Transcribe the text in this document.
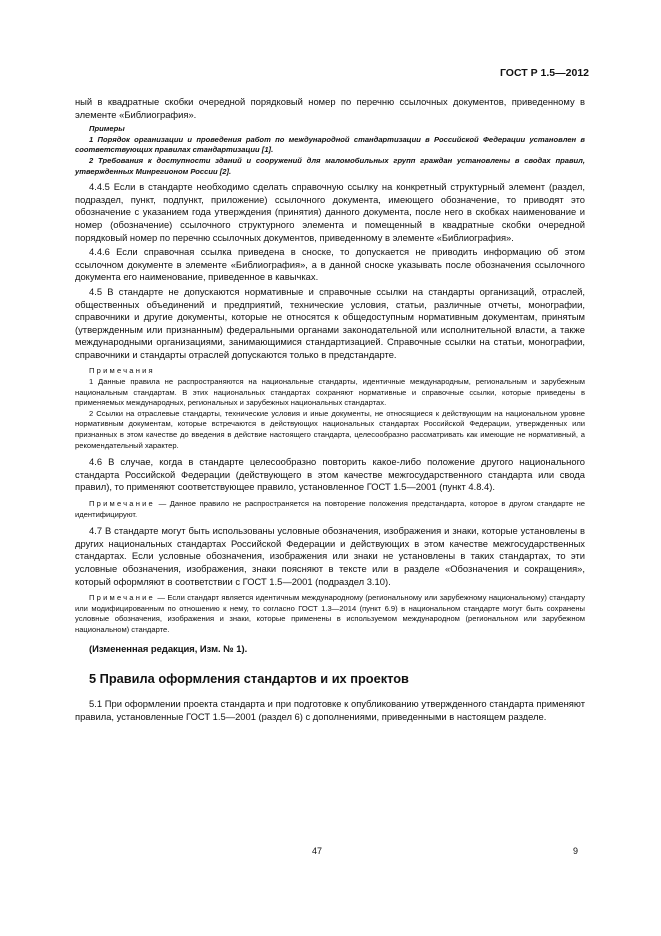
ГОСТ Р 1.5—2012

ный в квадратные скобки очередной порядковый номер по перечню ссылочных документов, приведенному в элементе «Библиография».

Примеры

1 Порядок организации и проведения работ по международной стандартизации в Российской Федерации установлен в соответствующих правилах стандартизации [1].

2 Требования к доступности зданий и сооружений для маломобильных групп граждан установлены в сводах правил, утвержденных Минрегионом России [2].

4.4.5 Если в стандарте необходимо сделать справочную ссылку на конкретный структурный элемент (раздел, подраздел, пункт, подпункт, приложение) ссылочного документа, имеющего обозначение, то приводят это обозначение с указанием года утверждения (принятия) данного документа, после него в скобках наименование и номер (обозначение) ссылочного структурного элемента и помещенный в квадратные скобки очередной порядковый номер по перечню ссылочных документов, приведенному в элементе «Библиография».

4.4.6 Если справочная ссылка приведена в сноске, то допускается не приводить информацию об этом ссылочном документе в элементе «Библиография», а в данной сноске указывать после обозначения ссылочного документа его наименование, приведенное в кавычках.

4.5 В стандарте не допускаются нормативные и справочные ссылки на стандарты организаций, отраслей, общественных объединений и предприятий, технические условия, статьи, различные отчеты, монографии, справочники и другие документы, которые не относятся к общедоступным нормативным документам, принятым (утвержденным или признанным) федеральными органами законодательной или исполнительной власти, а также международными организациями, занимающимися стандартизацией. Справочные ссылки на статьи, монографии, справочники и стандарты отраслей допускаются только в предстандарте.

Примечания

1 Данные правила не распространяются на национальные стандарты, идентичные международным, региональным и зарубежным национальным стандартам. В этих национальных стандартах сохраняют нормативные и справочные ссылки, которые приведены в применяемых международных, региональных и зарубежных национальных стандартах.

2 Ссылки на отраслевые стандарты, технические условия и иные документы, не относящиеся к действующим на национальном уровне нормативным документам, которые встречаются в действующих национальных стандартах Российской Федерации, утвержденных или признанных в этом качестве до введения в действие настоящего стандарта, целесообразно рассматривать как имеющие не нормативный, а рекомендательный характер.

4.6 В случае, когда в стандарте целесообразно повторить какое-либо положение другого национального стандарта Российской Федерации (действующего в этом качестве межгосударственного стандарта или свода правил), то применяют соответствующее правило, установленное ГОСТ 1.5—2001 (пункт 4.8.4).

Примечание — Данное правило не распространяется на повторение положения предстандарта, которое в другом стандарте не идентифицируют.

4.7 В стандарте могут быть использованы условные обозначения, изображения и знаки, которые установлены в других национальных стандартах Российской Федерации и действующих в этом качестве межгосударственных стандартах. Если условные обозначения, изображения или знаки не установлены в таких стандартах, то эти условные обозначения, изображения, знаки поясняют в тексте или в разделе «Обозначения и сокращения», который оформляют в соответствии с ГОСТ 1.5—2001 (подраздел 3.10).

Примечание — Если стандарт является идентичным международному (региональному или зарубежному национальному) стандарту или модифицированным по отношению к нему, то согласно ГОСТ 1.3—2014 (пункт 6.9) в национальном стандарте могут быть сохранены условные обозначения, изображения и знаки, которые применены в используемом международном (региональном или зарубежном национальном) стандарте.

(Измененная редакция, Изм. № 1).

5 Правила оформления стандартов и их проектов

5.1 При оформлении проекта стандарта и при подготовке к опубликованию утвержденного стандарта применяют правила, установленные ГОСТ 1.5—2001 (раздел 6) с дополнениями, приведенными в настоящем разделе.

47	9
